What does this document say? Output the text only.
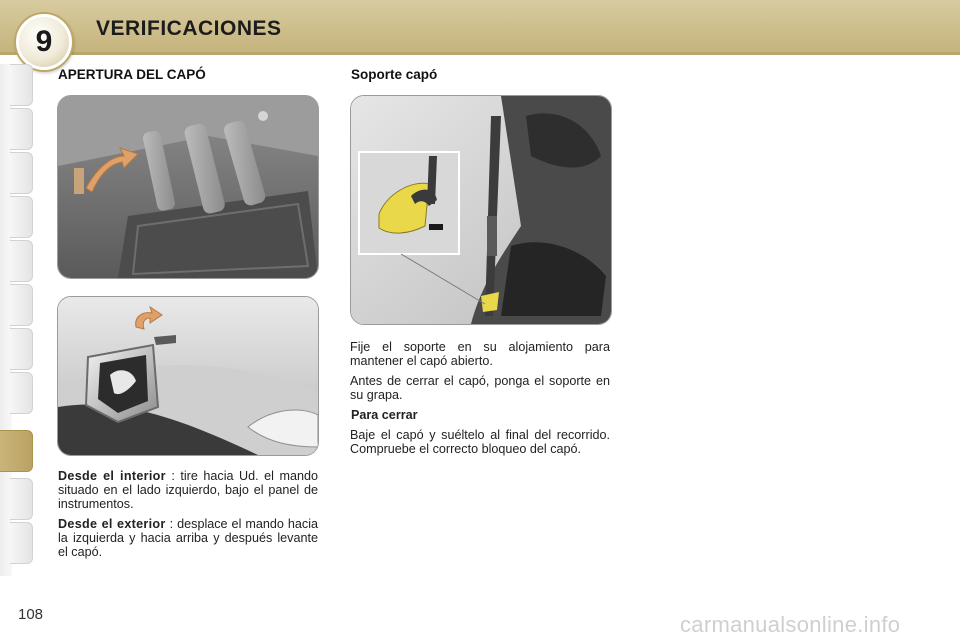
9	VERIFICACIONES
APERTURA DEL CAPÓ

Desde el interior : tire hacia Ud. el mando situado en el lado izquierdo, bajo el panel de instrumentos.

Desde el exterior : desplace el mando hacia la izquierda y hacia arriba y después levante el capó.

Soporte capó

Fije el soporte en su alojamiento para mantener el capó abierto.

Antes de cerrar el capó, ponga el soporte en su grapa.

Para cerrar

Baje el capó y suéltelo al final del recorrido. Compruebe el correcto bloqueo del capó.

108	carmanualsonline.info
